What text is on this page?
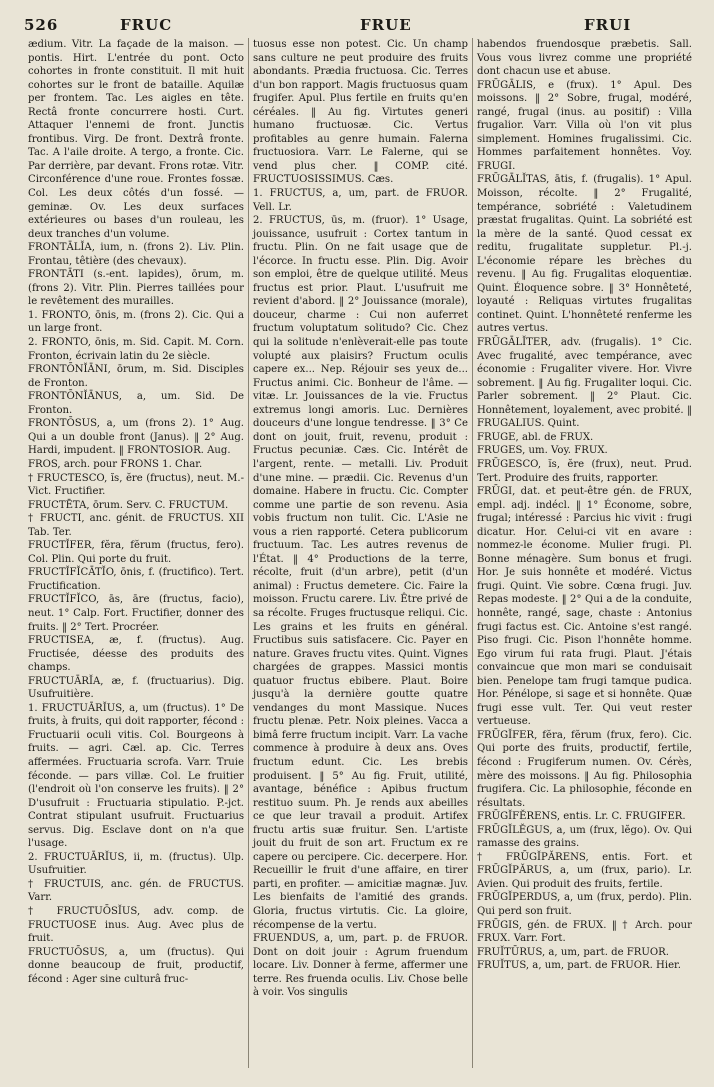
526	FRUC	FRUE	FRUI

ædium. Vitr. La façade de la maison. — pontis. Hirt. L'entrée du pont. Octo cohortes in fronte constituit. Il mit huit cohortes sur le front de bataille. Aquilæ per frontem. Tac. Les aigles en tête. Rectâ fronte concurrere hosti. Curt. Attaquer l'ennemi de front. Junctis frontibus. Virg. De front. Dextrâ fronte. Tac. A l'aile droite. A tergo, a fronte. Cic. Par derrière, par devant. Frons rotæ. Vitr. Circonférence d'une roue. Frontes fossæ. Col. Les deux côtés d'un fossé. — geminæ. Ov. Les deux surfaces extérieures ou bases d'un rouleau, les deux tranches d'un volume.

FRONTĀLĬA, ium, n. (frons 2). Liv. Plin. Frontau, têtière (des chevaux).

FRONTĀTI (s.-ent. lapides), ōrum, m. (frons 2). Vitr. Plin. Pierres taillées pour le revêtement des murailles.

1. FRONTO, ōnis, m. (frons 2). Cic. Qui a un large front.

2. FRONTO, ōnis, m. Sid. Capit. M. Corn. Fronton, écrivain latin du 2e siècle.

FRONTŌNĬĀNI, ōrum, m. Sid. Disciples de Fronton.

FRONTŌNĬĀNUS, a, um. Sid. De Fronton.

FRONTŌSUS, a, um (frons 2). 1° Aug. Qui a un double front (Janus). ‖ 2° Aug. Hardi, impudent. ‖ FRONTOSIOR. Aug.

FROS, arch. pour FRONS 1. Char.

† FRUCTESCO, ĭs, ĕre (fructus), neut. M.-Vict. Fructifier.

FRUCTĒTA, ōrum. Serv. C. FRUCTUM.

† FRUCTI, anc. génit. de FRUCTUS. XII Tab. Ter.

FRUCTĬFER, fĕra, fĕrum (fructus, fero). Col. Plin. Qui porte du fruit.

FRUCTĬFĬCĀTĬO, ōnis, f. (fructifico). Tert. Fructification.

FRUCTĬFĬCO, ās, āre (fructus, facio), neut. 1° Calp. Fort. Fructifier, donner des fruits. ‖ 2° Tert. Procréer.

FRUCTISEA, æ, f. (fructus). Aug. Fructisée, déesse des produits des champs.

FRUCTUĀRĬA, æ, f. (fructuarius). Dig. Usufruitière.

1. FRUCTUĀRĬUS, a, um (fructus). 1° De fruits, à fruits, qui doit rapporter, fécond : Fructuarii oculi vitis. Col. Bourgeons à fruits. — agri. Cæl. ap. Cic. Terres affermées. Fructuaria scrofa. Varr. Truie féconde. — pars villæ. Col. Le fruitier (l'endroit où l'on conserve les fruits). ‖ 2° D'usufruit : Fructuaria stipulatio. P.-jct. Contrat stipulant usufruit. Fructuarius servus. Dig. Esclave dont on n'a que l'usage.

2. FRUCTUĀRĬUS, ii, m. (fructus). Ulp. Usufruitier.

† FRUCTUIS, anc. gén. de FRUCTUS. Varr.

† FRUCTUŌSĬUS, adv. comp. de FRUCTUOSE inus. Aug. Avec plus de fruit.

FRUCTUŌSUS, a, um (fructus). Qui donne beaucoup de fruit, productif, fécond : Ager sine culturâ fruc-

tuosus esse non potest. Cic. Un champ sans culture ne peut produire des fruits abondants. Prædia fructuosa. Cic. Terres d'un bon rapport. Magis fructuosus quam frugifer. Apul. Plus fertile en fruits qu'en céréales. ‖ Au fig. Virtutes generi humano fructuosæ. Cic. Vertus profitables au genre humain. Falerna fructuosiora. Varr. Le Falerne, qui se vend plus cher. ‖ COMP. cité. FRUCTUOSISSIMUS. Cæs.

1. FRUCTUS, a, um, part. de FRUOR. Vell. Lr.

2. FRUCTUS, ūs, m. (fruor). 1° Usage, jouissance, usufruit : Cortex tantum in fructu. Plin. On ne fait usage que de l'écorce. In fructu esse. Plin. Dig. Avoir son emploi, être de quelque utilité. Meus fructus est prior. Plaut. L'usufruit me revient d'abord. ‖ 2° Jouissance (morale), douceur, charme : Cui non auferret fructum voluptatum solitudo? Cic. Chez qui la solitude n'enlèverait-elle pas toute volupté aux plaisirs? Fructum oculis capere ex... Nep. Réjouir ses yeux de... Fructus animi. Cic. Bonheur de l'âme. — vitæ. Lr. Jouissances de la vie. Fructus extremus longi amoris. Luc. Dernières douceurs d'une longue tendresse. ‖ 3° Ce dont on jouit, fruit, revenu, produit : Fructus pecuniæ. Cæs. Cic. Intérêt de l'argent, rente. — metalli. Liv. Produit d'une mine. — prædii. Cic. Revenus d'un domaine. Habere in fructu. Cic. Compter comme une partie de son revenu. Asia vobis fructum non tulit. Cic. L'Asie ne vous a rien rapporté. Cetera publicorum fructuum. Tac. Les autres revenus de l'État. ‖ 4° Productions de la terre, récolte, fruit (d'un arbre), petit (d'un animal) : Fructus demetere. Cic. Faire la moisson. Fructu carere. Liv. Être privé de sa récolte. Fruges fructusque reliqui. Cic. Les grains et les fruits en général. Fructibus suis satisfacere. Cic. Payer en nature. Graves fructu vites. Quint. Vignes chargées de grappes. Massici montis quatuor fructus ebibere. Plaut. Boire jusqu'à la dernière goutte quatre vendanges du mont Massique. Nuces fructu plenæ. Petr. Noix pleines. Vacca a bimâ ferre fructum incipit. Varr. La vache commence à produire à deux ans. Oves fructum edunt. Cic. Les brebis produisent. ‖ 5° Au fig. Fruit, utilité, avantage, bénéfice : Apibus fructum restituo suum. Ph. Je rends aux abeilles ce que leur travail a produit. Artifex fructu artis suæ fruitur. Sen. L'artiste jouit du fruit de son art. Fructum ex re capere ou percipere. Cic. decerpere. Hor. Recueillir le fruit d'une affaire, en tirer parti, en profiter. — amicitiæ magnæ. Juv. Les bienfaits de l'amitié des grands. Gloria, fructus virtutis. Cic. La gloire, récompense de la vertu.

FRUENDUS, a, um, part. p. de FRUOR. Dont on doit jouir : Agrum fruendum locare. Liv. Donner à ferme, affermer une terre. Res fruenda oculis. Liv. Chose belle à voir. Vos singulis

habendos fruendosque præbetis. Sall. Vous vous livrez comme une propriété dont chacun use et abuse.

FRŪGĀLIS, e (frux). 1° Apul. Des moissons. ‖ 2° Sobre, frugal, modéré, rangé, frugal (inus. au positif) : Villa frugalior. Varr. Villa où l'on vit plus simplement. Homines frugalissimi. Cic. Hommes parfaitement honnêtes. Voy. FRUGI.

FRŪGĀLĬTAS, ātis, f. (frugalis). 1° Apul. Moisson, récolte. ‖ 2° Frugalité, tempérance, sobriété : Valetudinem præstat frugalitas. Quint. La sobriété est la mère de la santé. Quod cessat ex reditu, frugalitate suppletur. Pl.-j. L'économie répare les brèches du revenu. ‖ Au fig. Frugalitas eloquentiæ. Quint. Éloquence sobre. ‖ 3° Honnêteté, loyauté : Reliquas virtutes frugalitas continet. Quint. L'honnêteté renferme les autres vertus.

FRŪGĀLĬTER, adv. (frugalis). 1° Cic. Avec frugalité, avec tempérance, avec économie : Frugaliter vivere. Hor. Vivre sobrement. ‖ Au fig. Frugaliter loqui. Cic. Parler sobrement. ‖ 2° Plaut. Cic. Honnêtement, loyalement, avec probité. ‖ FRUGALIUS. Quint.

FRUGE, abl. de FRUX.

FRUGES, um. Voy. FRUX.

FRŪGESCO, ĭs, ĕre (frux), neut. Prud. Tert. Produire des fruits, rapporter.

FRŪGI, dat. et peut-être gén. de FRUX, empl. adj. indécl. ‖ 1° Économe, sobre, frugal; intéressé : Parcius hic vivit : frugi dicatur. Hor. Celui-ci vit en avare : nommez-le économe. Mulier frugi. Pl. Bonne ménagère. Sum bonus et frugi. Hor. Je suis honnête et modéré. Victus frugi. Quint. Vie sobre. Cœna frugi. Juv. Repas modeste. ‖ 2° Qui a de la conduite, honnête, rangé, sage, chaste : Antonius frugi factus est. Cic. Antoine s'est rangé. Piso frugi. Cic. Pison l'honnête homme. Ego virum fui rata frugi. Plaut. J'étais convaincue que mon mari se conduisait bien. Penelope tam frugi tamque pudica. Hor. Pénélope, si sage et si honnête. Quæ frugi esse vult. Ter. Qui veut rester vertueuse.

FRŪGĬFER, fĕra, fĕrum (frux, fero). Cic. Qui porte des fruits, productif, fertile, fécond : Frugiferum numen. Ov. Cérès, mère des moissons. ‖ Au fig. Philosophia frugifera. Cic. La philosophie, féconde en résultats.

FRŪGĬFĔRENS, entis. Lr. C. FRUGIFER.

FRŪGĬLĔGUS, a, um (frux, lĕgo). Ov. Qui ramasse des grains.

† FRŪGĬPĂRENS, entis. Fort. et FRŪGĬPĂRUS, a, um (frux, pario). Lr. Avien. Qui produit des fruits, fertile.

FRŪGĬPERDUS, a, um (frux, perdo). Plin. Qui perd son fruit.

FRŪGIS, gén. de FRUX. ‖ † Arch. pour FRUX. Varr. Fort.

FRUĬTŪRUS, a, um, part. de FRUOR.

FRUĬTUS, a, um, part. de FRUOR. Hier.
